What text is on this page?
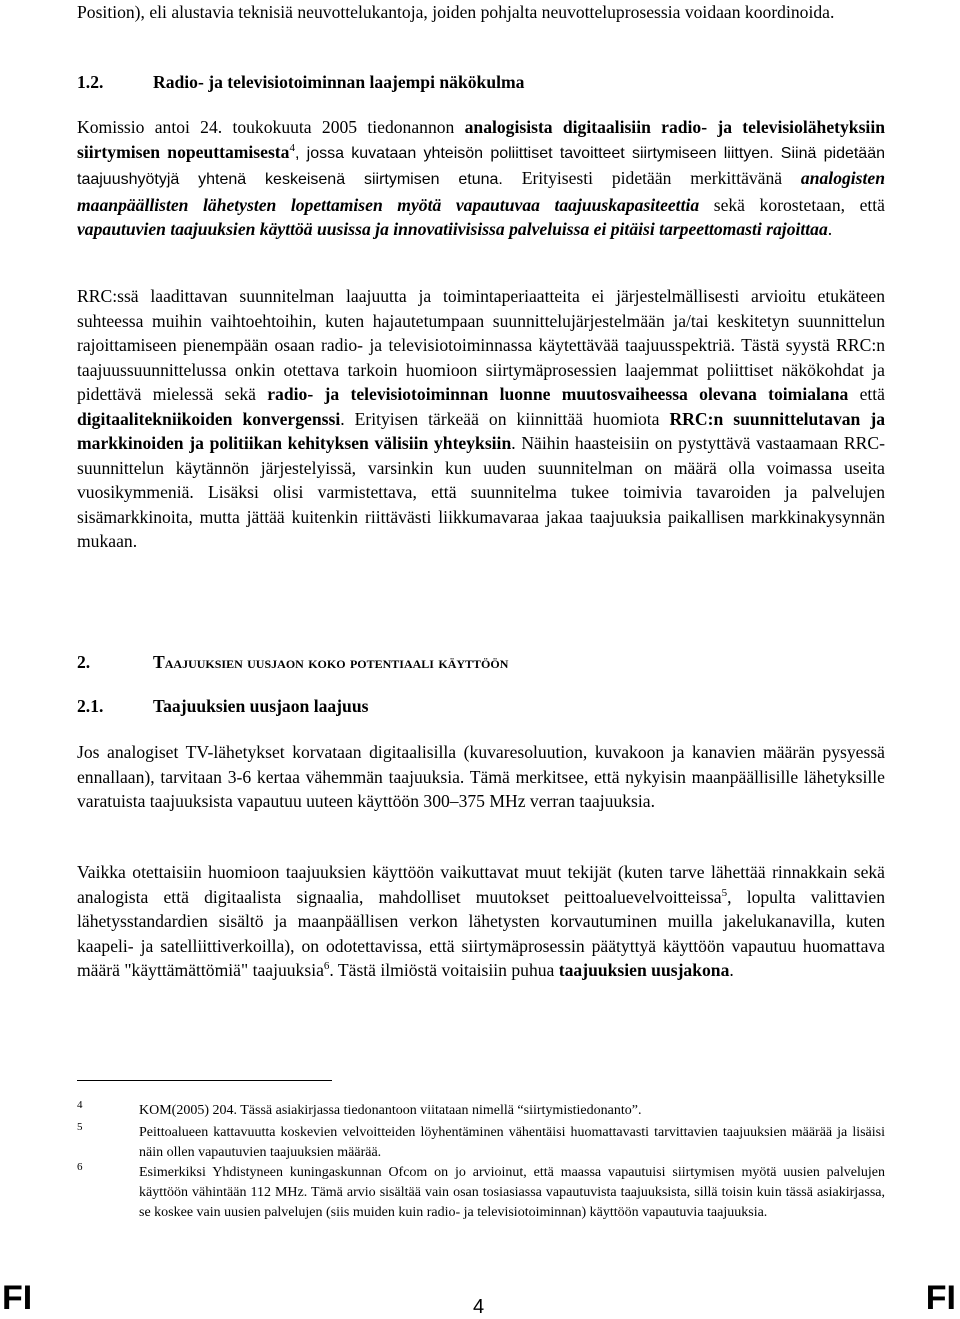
Position), eli alustavia teknisiä neuvottelukantoja, joiden pohjalta neuvotteluprosessia voidaan koordinoida.

1.2.	Radio- ja televisiotoiminnan laajempi näkökulma

Komissio antoi 24. toukokuuta 2005 tiedonannon analogisista digitaalisiin radio- ja televisiolähetyksiin siirtymisen nopeuttamisesta$^4$, jossa kuvataan yhteisön poliittiset tavoitteet siirtymiseen liittyen. Siinä pidetään taajuushyötyjä yhtenä keskeisenä siirtymisen etuna. Erityisesti pidetään merkittävänä analogisten maanpäällisten lähetysten lopettamisen myötä vapautuvaa taajuuskapasiteettia sekä korostetaan, että vapautuvien taajuuksien käyttöä uusissa ja innovatiivisissa palveluissa ei pitäisi tarpeettomasti rajoittaa.

RRC:ssä laadittavan suunnitelman laajuutta ja toimintaperiaatteita ei järjestelmällisesti arvioitu etukäteen suhteessa muihin vaihtoehtoihin, kuten hajautetumpaan suunnittelujärjestelmään ja/tai keskitetyn suunnittelun rajoittamiseen pienempään osaan radio- ja televisiotoiminnassa käytettävää taajuusspektriä. Tästä syystä RRC:n taajuussuunnittelussa onkin otettava tarkoin huomioon siirtymäprosessien laajemmat poliittiset näkökohdat ja pidettävä mielessä sekä radio- ja televisiotoiminnan luonne muutosvaiheessa olevana toimialana että digitaalitekniikoiden konvergenssi. Erityisen tärkeää on kiinnittää huomiota RRC:n suunnittelutavan ja markkinoiden ja politiikan kehityksen välisiin yhteyksiin. Näihin haasteisiin on pystyttävä vastaamaan RRC-suunnittelun käytännön järjestelyissä, varsinkin kun uuden suunnitelman on määrä olla voimassa useita vuosikymmeniä. Lisäksi olisi varmistettava, että suunnitelma tukee toimivia tavaroiden ja palvelujen sisämarkkinoita, mutta jättää kuitenkin riittävästi liikkumavaraa jakaa taajuuksia paikallisen markkinakysynnän mukaan.

2.	Taajuuksien uusjaon koko potentiaali käyttöön
2.1.	Taajuuksien uusjaon laajuus

Jos analogiset TV-lähetykset korvataan digitaalisilla (kuvaresoluution, kuvakoon ja kanavien määrän pysyessä ennallaan), tarvitaan 3-6 kertaa vähemmän taajuuksia. Tämä merkitsee, että nykyisin maanpäällisille lähetyksille varatuista taajuuksista vapautuu uuteen käyttöön 300–375 MHz verran taajuuksia.

Vaikka otettaisiin huomioon taajuuksien käyttöön vaikuttavat muut tekijät (kuten tarve lähettää rinnakkain sekä analogista että digitaalista signaalia, mahdolliset muutokset peittoaluevelvoitteissa$^5$, lopulta valittavien lähetysstandardien sisältö ja maanpäällisen verkon lähetysten korvautuminen muilla jakelukanavilla, kuten kaapeli- ja satelliittiverkoilla), on odotettavissa, että siirtymäprosessin päätyttyä käyttöön vapautuu huomattava määrä "käyttämättömiä" taajuuksia$^6$. Tästä ilmiöstä voitaisiin puhua taajuuksien uusjakona.

4	KOM(2005) 204. Tässä asiakirjassa tiedonantoon viitataan nimellä “siirtymistiedonanto”.

5	Peittoalueen kattavuutta koskevien velvoitteiden löyhentäminen vähentäisi huomattavasti tarvittavien taajuuksien määrää ja lisäisi näin ollen vapautuvien taajuuksien määrää.

6	Esimerkiksi Yhdistyneen kuningaskunnan Ofcom on jo arvioinut, että maassa vapautuisi siirtymisen myötä uusien palvelujen käyttöön vähintään 112 MHz. Tämä arvio sisältää vain osan tosiasiassa vapautuvista taajuuksista, sillä toisin kuin tässä asiakirjassa, se koskee vain uusien palvelujen (siis muiden kuin radio- ja televisiotoiminnan) käyttöön vapautuvia taajuuksia.

FI	4	FI
